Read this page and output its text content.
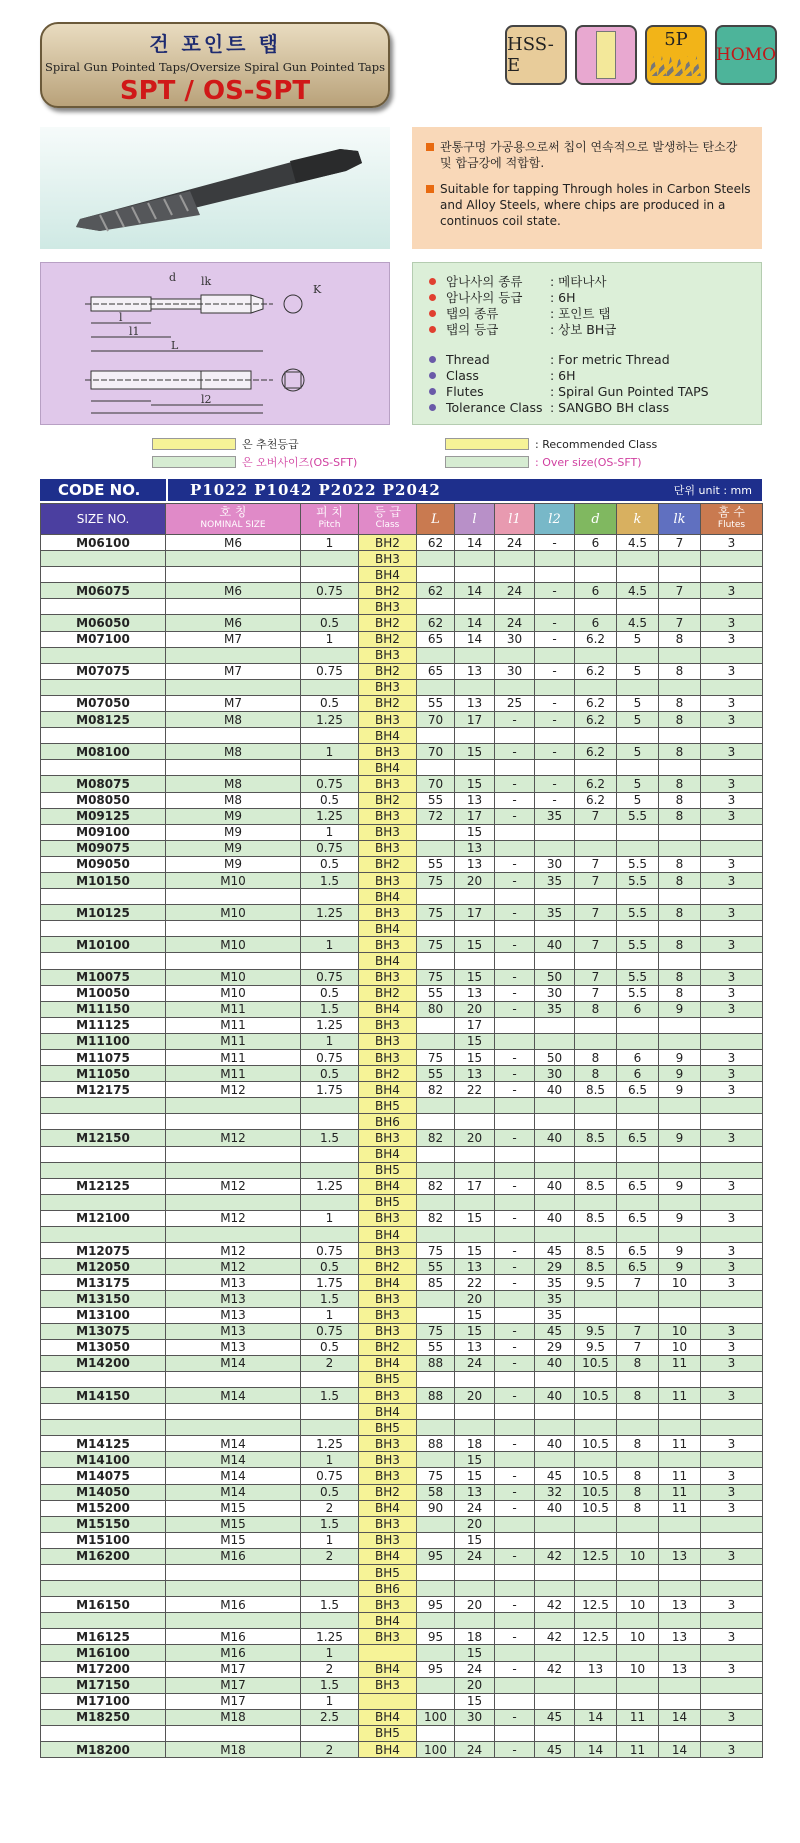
건 포인트 탭
Spiral Gun Pointed Taps/Oversize Spiral Gun Pointed Taps
SPT / OS-SPT
HSS-E
5P
HOMO

관통구멍 가공용으로써 칩이 연속적으로 발생하는 탄소강 및 합금강에 적합함.

Suitable for tapping Through holes in Carbon Steels and Alloy Steels, where chips are produced in a continuos coil state.

d lk
l
l1
L
K
l2
암나사의 종류	: 메타나사
암나사의 등급	: 6H
탭의 종류	: 포인트 탭
탭의 등급	: 상보 BH급
Thread	: For metric Thread
Class	: 6H
Flutes	: Spiral Gun Pointed TAPS
Tolerance Class : SANGBO BH class
은 추천등급
은 오버사이즈(OS-SFT)
: Recommended Class
: Over size(OS-SFT)
CODE NO.	P1022 P1042 P2022 P2042	단위 unit : mm
SIZE NO.	호 칭
NOMINAL SIZE	피 치
Pitch	등 급
Class	L	l	l1	l2	d	k	lk	홈 수
Flutes

M06100	M6	1	BH2	62	14	24	-	6	4.5	7	3
			BH3								
			BH4								
M06075	M6	0.75	BH2	62	14	24	-	6	4.5	7	3
			BH3								
M06050	M6	0.5	BH2	62	14	24	-	6	4.5	7	3
M07100	M7	1	BH2	65	14	30	-	6.2	5	8	3
			BH3								
M07075	M7	0.75	BH2	65	13	30	-	6.2	5	8	3
			BH3								
M07050	M7	0.5	BH2	55	13	25	-	6.2	5	8	3
M08125	M8	1.25	BH3	70	17	-	-	6.2	5	8	3
			BH4								
M08100	M8	1	BH3	70	15	-	-	6.2	5	8	3
			BH4								
M08075	M8	0.75	BH3	70	15	-	-	6.2	5	8	3
M08050	M8	0.5	BH2	55	13	-	-	6.2	5	8	3
M09125	M9	1.25	BH3	72	17	-	35	7	5.5	8	3
M09100	M9	1	BH3		15						
M09075	M9	0.75	BH3		13						
M09050	M9	0.5	BH2	55	13	-	30	7	5.5	8	3
M10150	M10	1.5	BH3	75	20	-	35	7	5.5	8	3
			BH4								
M10125	M10	1.25	BH3	75	17	-	35	7	5.5	8	3
			BH4								
M10100	M10	1	BH3	75	15	-	40	7	5.5	8	3
			BH4								
M10075	M10	0.75	BH3	75	15	-	50	7	5.5	8	3
M10050	M10	0.5	BH2	55	13	-	30	7	5.5	8	3
M11150	M11	1.5	BH4	80	20	-	35	8	6	9	3
M11125	M11	1.25	BH3		17						
M11100	M11	1	BH3		15						
M11075	M11	0.75	BH3	75	15	-	50	8	6	9	3
M11050	M11	0.5	BH2	55	13	-	30	8	6	9	3
M12175	M12	1.75	BH4	82	22	-	40	8.5	6.5	9	3
			BH5								
			BH6								
M12150	M12	1.5	BH3	82	20	-	40	8.5	6.5	9	3
			BH4								
			BH5								
M12125	M12	1.25	BH4	82	17	-	40	8.5	6.5	9	3
			BH5								
M12100	M12	1	BH3	82	15	-	40	8.5	6.5	9	3
			BH4								
M12075	M12	0.75	BH3	75	15	-	45	8.5	6.5	9	3
M12050	M12	0.5	BH2	55	13	-	29	8.5	6.5	9	3
M13175	M13	1.75	BH4	85	22	-	35	9.5	7	10	3
M13150	M13	1.5	BH3		20		35				
M13100	M13	1	BH3		15		35				
M13075	M13	0.75	BH3	75	15	-	45	9.5	7	10	3
M13050	M13	0.5	BH2	55	13	-	29	9.5	7	10	3
M14200	M14	2	BH4	88	24	-	40	10.5	8	11	3
			BH5								
M14150	M14	1.5	BH3	88	20	-	40	10.5	8	11	3
			BH4								
			BH5								
M14125	M14	1.25	BH3	88	18	-	40	10.5	8	11	3
M14100	M14	1	BH3		15						
M14075	M14	0.75	BH3	75	15	-	45	10.5	8	11	3
M14050	M14	0.5	BH2	58	13	-	32	10.5	8	11	3
M15200	M15	2	BH4	90	24	-	40	10.5	8	11	3
M15150	M15	1.5	BH3		20						
M15100	M15	1	BH3		15						
M16200	M16	2	BH4	95	24	-	42	12.5	10	13	3
			BH5								
			BH6								
M16150	M16	1.5	BH3	95	20	-	42	12.5	10	13	3
			BH4								
M16125	M16	1.25	BH3	95	18	-	42	12.5	10	13	3
M16100	M16	1			15						
M17200	M17	2	BH4	95	24	-	42	13	10	13	3
M17150	M17	1.5	BH3		20						
M17100	M17	1			15						
M18250	M18	2.5	BH4	100	30	-	45	14	11	14	3
			BH5								
M18200	M18	2	BH4	100	24	-	45	14	11	14	3
